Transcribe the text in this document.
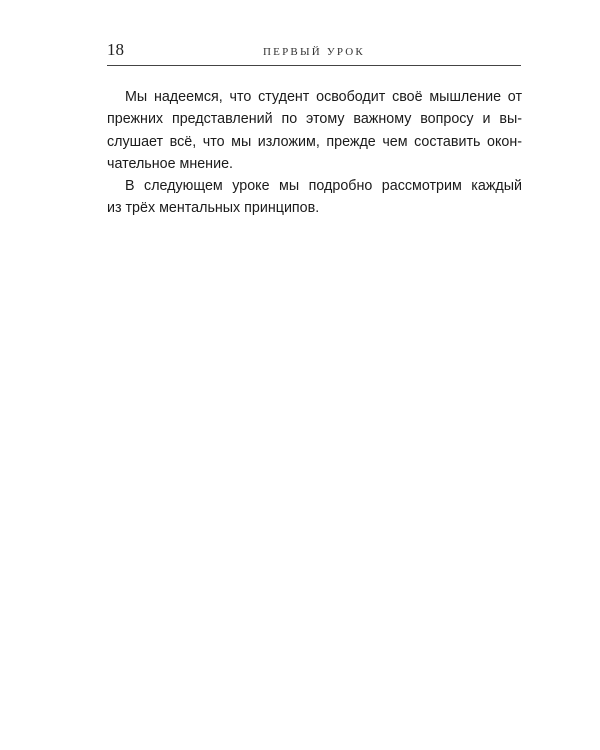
18	ПЕРВЫЙ УРОК

Мы надеемся, что студент освободит своё мышление от
прежних представлений по этому важному вопросу и вы-
слушает всё, что мы изложим, прежде чем составить окон-
чательное мнение.

В следующем уроке мы подробно рассмотрим каждый
из трёх ментальных принципов.
